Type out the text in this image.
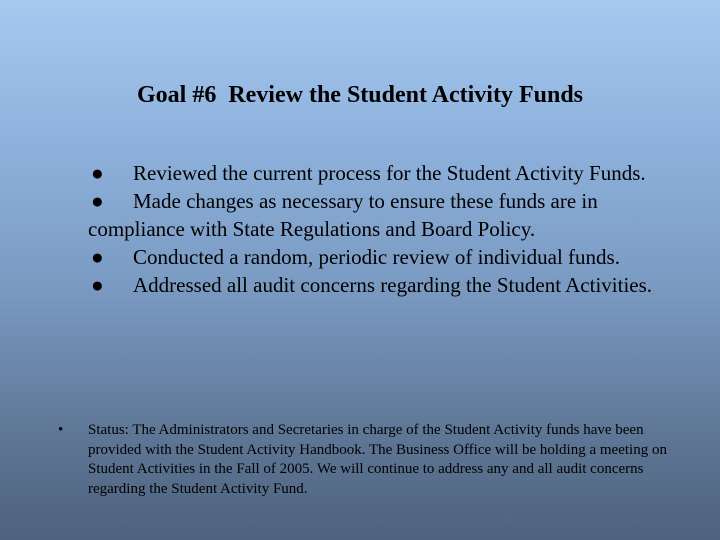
Goal #6  Review the Student Activity Funds
● Reviewed the current process for the Student Activity Funds.
● Made changes as necessary to ensure these funds are in compliance with State Regulations and Board Policy.
● Conducted a random, periodic review of individual funds.
● Addressed all audit concerns regarding the Student Activities.
•	Status: The Administrators and Secretaries in charge of the Student Activity funds have been provided with the Student Activity Handbook. The Business Office will be holding a meeting on Student Activities in the Fall of 2005. We will continue to address any and all audit concerns regarding the Student Activity Fund.
